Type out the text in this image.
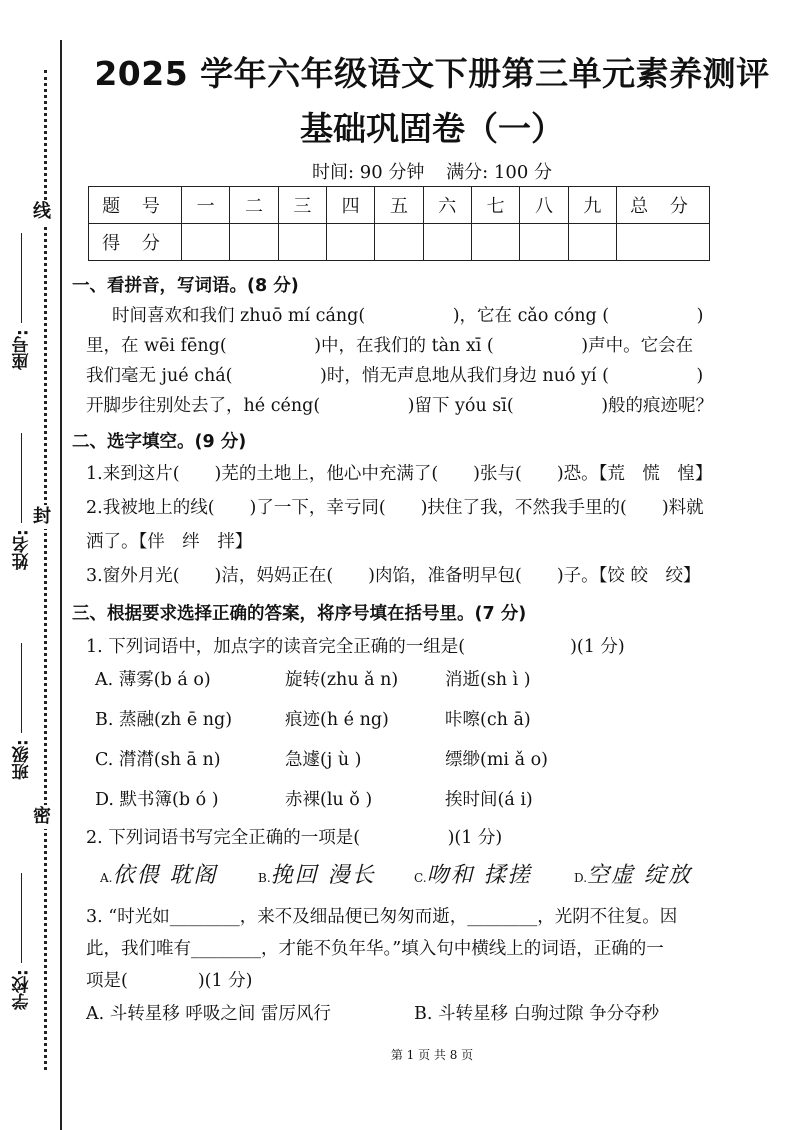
座号:
姓名:
班级:
学校:
线
封
密
2025 学年六年级语文下册第三单元素养测评
基础巩固卷（一）
时间: 90 分钟 满分: 100 分
题 号	一	二	三	四	五	六	七	八	九	总 分
得 分										
一、看拼音，写词语。(8 分)
时间喜欢和我们 zhuō mí cáng(　　　　　)，它在 cǎo cóng (　　　　　)
里，在 wēi fēng(　　　　　)中，在我们的 tàn xī (　　　　　)声中。它会在
我们毫无 jué chá(　　　　　)时，悄无声息地从我们身边 nuó yí (　　　　　)
开脚步往别处去了，hé céng(　　　　　)留下 yóu sī(　　　　　)般的痕迹呢？
二、选字填空。(9 分)
1.来到这片(　　)芜的土地上，他心中充满了(　　)张与(　　)恐。【荒　慌　惶】
2.我被地上的线(　　)了一下，幸亏同(　　)扶住了我，不然我手里的(　　)料就
洒了。【伴　绊　拌】
3.窗外月光(　　)洁，妈妈正在(　　)肉馅，准备明早包(　　)子。【饺 皎　绞】
三、根据要求选择正确的答案，将序号填在括号里。(7 分)
1. 下列词语中，加点字的读音完全正确的一组是(　　　　　　)(1 分)
A. 薄雾(b á o)	旋转(zhu ǎ n)	消逝(sh ì )
B. 蒸融(zh ē ng)	痕迹(h é ng)	咔嚓(ch ā)
C. 潸潸(sh ā n)	急遽(j ù )	缥缈(mi ǎ o)
D. 默书簿(b ó )	赤裸(lu ǒ )	挨时间(á i)
2. 下列词语书写完全正确的一项是(　　　　　)(1 分)
A.依偎 耽阁	B.挽回 漫长	C.吻和 揉搓	D.空虚 绽放
3. “时光如________，来不及细品便已匆匆而逝，________，光阴不往复。因
此，我们唯有________，才能不负年华。”填入句中横线上的词语，正确的一
项是(　　　　)(1 分)
A. 斗转星移 呼吸之间 雷厉风行	B. 斗转星移 白驹过隙 争分夺秒
第 1 页 共 8 页
